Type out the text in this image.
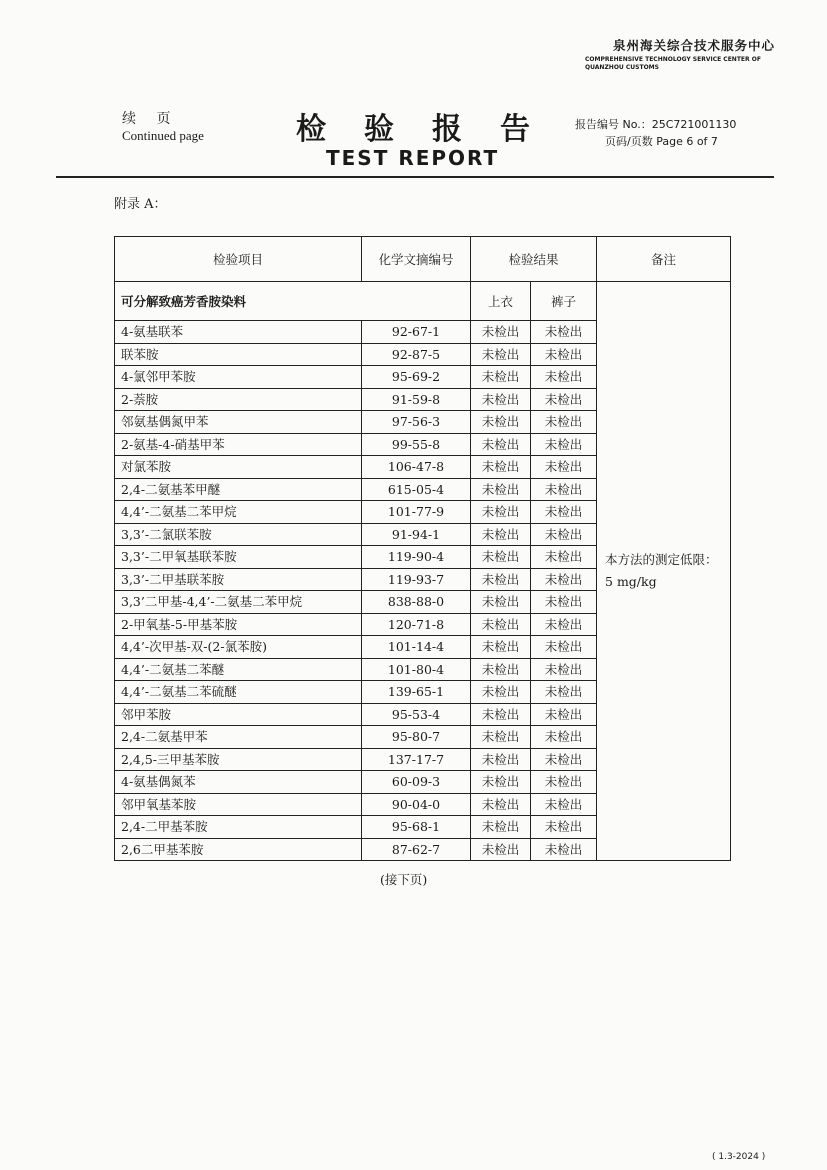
泉州海关综合技术服务中心
COMPREHENSIVE TECHNOLOGY SERVICE CENTER OF
QUANZHOU CUSTOMS
续 页
Continued page	检验报告
TEST REPORT
报告编号 No.：25C721001130
页码/页数 Page 6 of 7
附录 A：
检验项目	化学文摘编号	检验结果		备注
可分解致癌芳香胺染料		上衣	裤子	本方法的测定低限：5 mg/kg
4-氨基联苯	92-67-1	未检出	未检出	
联苯胺	92-87-5	未检出	未检出	
4-氯邻甲苯胺	95-69-2	未检出	未检出	
2-萘胺	91-59-8	未检出	未检出	
邻氨基偶氮甲苯	97-56-3	未检出	未检出	
2-氨基-4-硝基甲苯	99-55-8	未检出	未检出	
对氯苯胺	106-47-8	未检出	未检出	
2,4-二氨基苯甲醚	615-05-4	未检出	未检出	
4,4’-二氨基二苯甲烷	101-77-9	未检出	未检出	
3,3’-二氯联苯胺	91-94-1	未检出	未检出	
3,3’-二甲氧基联苯胺	119-90-4	未检出	未检出	
3,3’-二甲基联苯胺	119-93-7	未检出	未检出	
3,3’二甲基-4,4’-二氨基二苯甲烷	838-88-0	未检出	未检出	
2-甲氧基-5-甲基苯胺	120-71-8	未检出	未检出	
4,4’-次甲基-双-(2-氯苯胺)	101-14-4	未检出	未检出	
4,4’-二氨基二苯醚	101-80-4	未检出	未检出	
4,4’-二氨基二苯硫醚	139-65-1	未检出	未检出	
邻甲苯胺	95-53-4	未检出	未检出	
2,4-二氨基甲苯	95-80-7	未检出	未检出	
2,4,5-三甲基苯胺	137-17-7	未检出	未检出	
4-氨基偶氮苯	60-09-3	未检出	未检出	
邻甲氧基苯胺	90-04-0	未检出	未检出	
2,4-二甲基苯胺	95-68-1	未检出	未检出	
2,6二甲基苯胺	87-62-7	未检出	未检出	
(接下页)
( 1.3-2024 )
